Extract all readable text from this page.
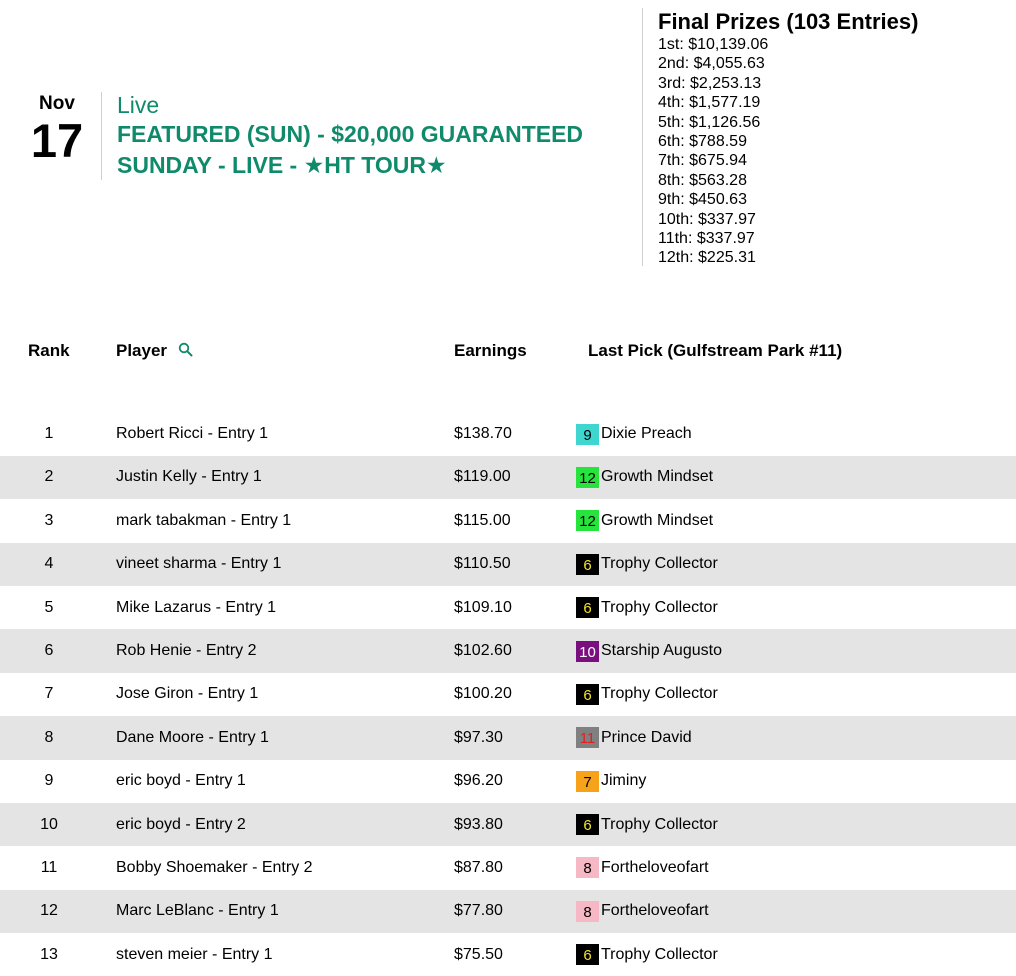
Nov
17
Live
FEATURED (SUN) - $20,000 GUARANTEED
SUNDAY - LIVE - ★HT TOUR★
Final Prizes (103 Entries)
1st: $10,139.06
2nd: $4,055.63
3rd: $2,253.13
4th: $1,577.19
5th: $1,126.56
6th: $788.59
7th: $675.94
8th: $563.28
9th: $450.63
10th: $337.97
11th: $337.97
12th: $225.31
Rank	Player	Earnings	Last Pick (Gulfstream Park #11)

1	Robert Ricci - Entry 1	$138.70	9 Dixie Preach

2	Justin Kelly - Entry 1	$119.00	12 Growth Mindset

3	mark tabakman - Entry 1	$115.00	12 Growth Mindset

4	vineet sharma - Entry 1	$110.50	6 Trophy Collector

5	Mike Lazarus - Entry 1	$109.10	6 Trophy Collector

6	Rob Henie - Entry 2	$102.60	10 Starship Augusto

7	Jose Giron - Entry 1	$100.20	6 Trophy Collector

8	Dane Moore - Entry 1	$97.30	11 Prince David

9	eric boyd - Entry 1	$96.20	7 Jiminy

10	eric boyd - Entry 2	$93.80	6 Trophy Collector

11	Bobby Shoemaker - Entry 2	$87.80	8 Fortheloveofart

12	Marc LeBlanc - Entry 1	$77.80	8 Fortheloveofart

13	steven meier - Entry 1	$75.50	6 Trophy Collector
